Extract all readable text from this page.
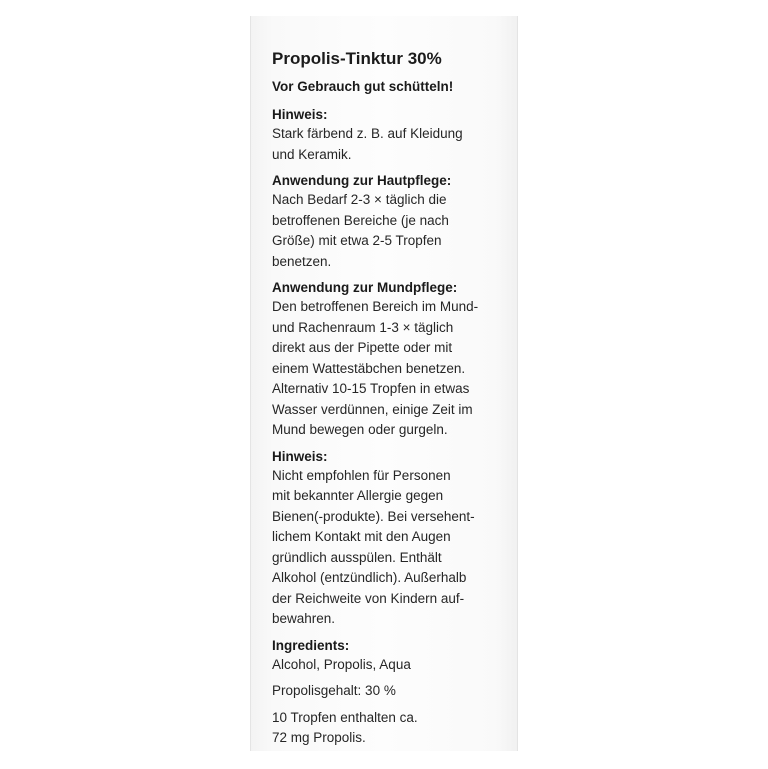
Propolis-Tinktur 30%
Vor Gebrauch gut schütteln!
Hinweis:
Stark färbend z. B. auf Kleidung
und Keramik.
Anwendung zur Hautpflege:
Nach Bedarf 2-3 × täglich die
betroffenen Bereiche (je nach
Größe) mit etwa 2-5 Tropfen
benetzen.
Anwendung zur Mundpflege:
Den betroffenen Bereich im Mund-
und Rachenraum 1-3 × täglich
direkt aus der Pipette oder mit
einem Wattestäbchen benetzen.
Alternativ 10-15 Tropfen in etwas
Wasser verdünnen, einige Zeit im
Mund bewegen oder gurgeln.
Hinweis:
Nicht empfohlen für Personen
mit bekannter Allergie gegen
Bienen(-produkte). Bei versehent-
lichem Kontakt mit den Augen
gründlich ausspülen. Enthält
Alkohol (entzündlich). Außerhalb
der Reichweite von Kindern auf-
bewahren.
Ingredients:
Alcohol, Propolis, Aqua
Propolisgehalt: 30 %
10 Tropfen enthalten ca.
72 mg Propolis.
